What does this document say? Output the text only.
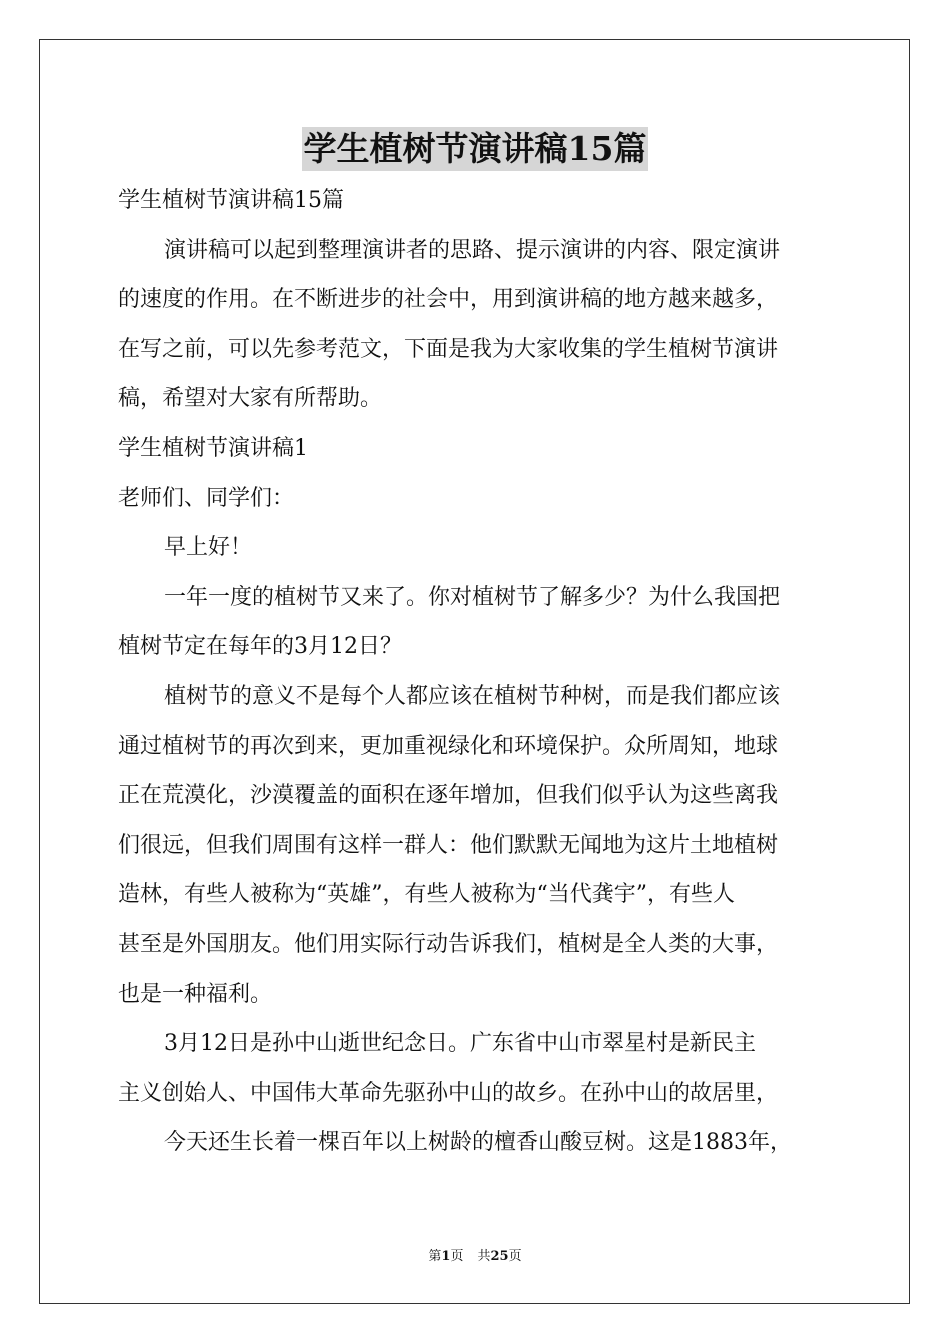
学生植树节演讲稿15篇
学生植树节演讲稿15篇
演讲稿可以起到整理演讲者的思路、提示演讲的内容、限定演讲
的速度的作用。在不断进步的社会中，用到演讲稿的地方越来越多，
在写之前，可以先参考范文，下面是我为大家收集的学生植树节演讲
稿，希望对大家有所帮助。
学生植树节演讲稿1
老师们、同学们：
早上好！
一年一度的植树节又来了。你对植树节了解多少？为什么我国把
植树节定在每年的3月12日？
植树节的意义不是每个人都应该在植树节种树，而是我们都应该
通过植树节的再次到来，更加重视绿化和环境保护。众所周知，地球
正在荒漠化，沙漠覆盖的面积在逐年增加，但我们似乎认为这些离我
们很远，但我们周围有这样一群人：他们默默无闻地为这片土地植树
造林，有些人被称为“英雄”，有些人被称为“当代龚宇”，有些人
甚至是外国朋友。他们用实际行动告诉我们，植树是全人类的大事，
也是一种福利。
3月12日是孙中山逝世纪念日。广东省中山市翠星村是新民主
主义创始人、中国伟大革命先驱孙中山的故乡。在孙中山的故居里，
今天还生长着一棵百年以上树龄的檀香山酸豆树。这是1883年，
第1页 共25页
